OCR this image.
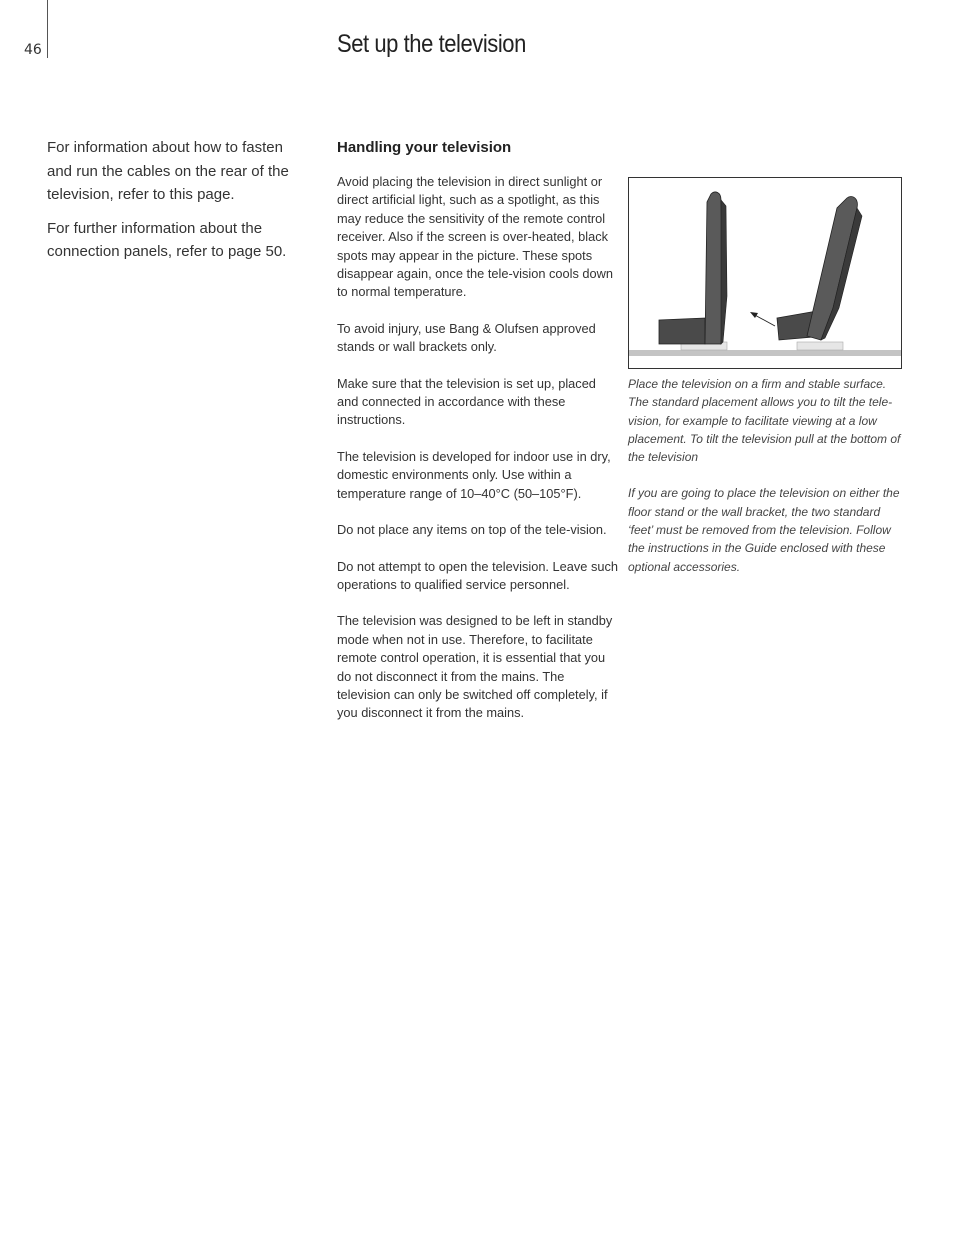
46	Set up the television

For information about how to fasten and run the cables on the rear of the television, refer to this page.

For further information about the connection panels, refer to page 50.

Handling your television

Avoid placing the television in direct sunlight or direct artificial light, such as a spotlight, as this may reduce the sensitivity of the remote control receiver. Also if the screen is over-heated, black spots may appear in the picture. These spots disappear again, once the tele-vision cools down to normal temperature.

To avoid injury, use Bang & Olufsen approved stands or wall brackets only.

Make sure that the television is set up, placed and connected in accordance with these instructions.

The television is developed for indoor use in dry, domestic environments only. Use within a temperature range of 10–40°C (50–105°F).

Do not place any items on top of the tele-vision.

Do not attempt to open the television. Leave such operations to qualified service personnel.

The television was designed to be left in standby mode when not in use. Therefore, to facilitate remote control operation, it is essential that you do not disconnect it from the mains. The television can only be switched off completely, if you disconnect it from the mains.

Place the television on a firm and stable surface. The standard placement allows you to tilt the tele-vision, for example to facilitate viewing at a low placement. To tilt the television pull at the bottom of the television

If you are going to place the television on either the floor stand or the wall bracket, the two standard ‘feet’ must be removed from the television. Follow the instructions in the Guide enclosed with these optional accessories.
